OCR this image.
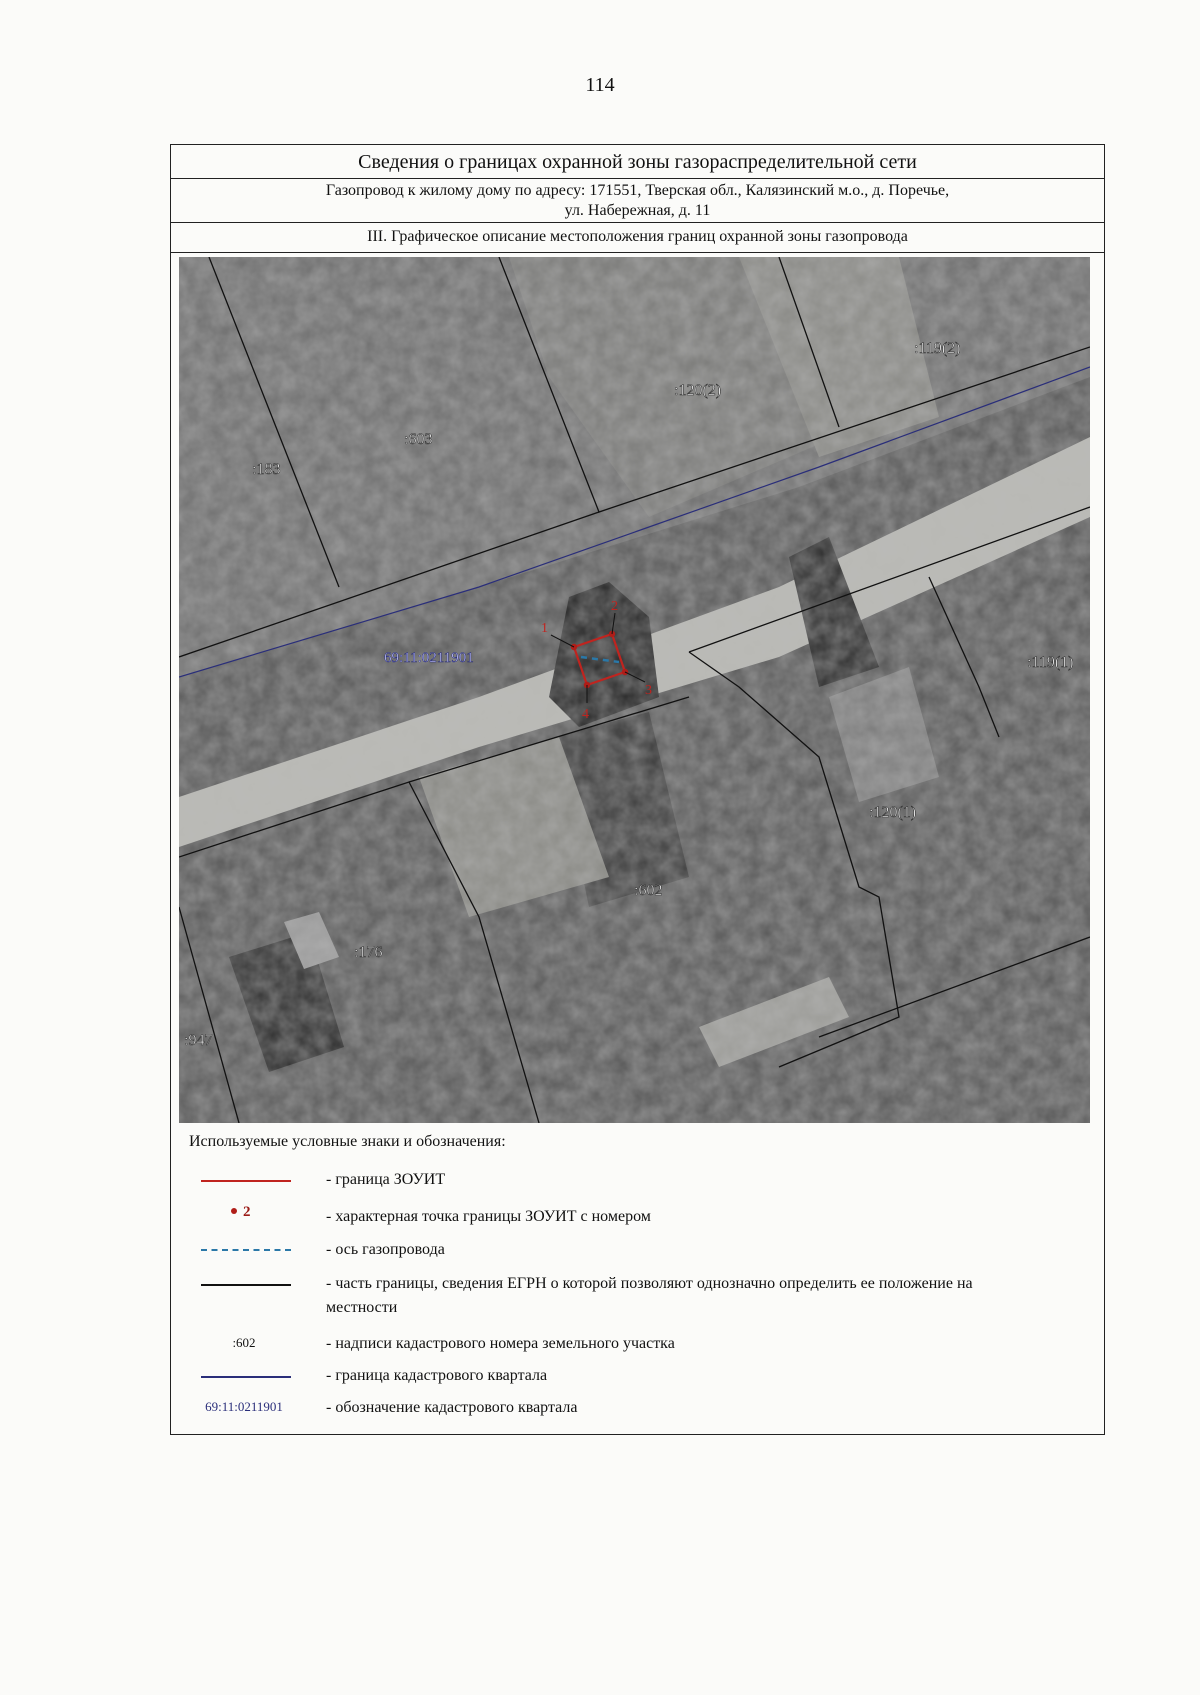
114
Сведения о границах охранной зоны газораспределительной сети
Газопровод к жилому дому по адресу: 171551, Тверская обл., Калязинский м.о., д. Поречье,
ул. Набережная, д. 11
III. Графическое описание местоположения границ охранной зоны газопровода
1
2
3
4
:119(2)
:120(2)
:603
:183
:119(1)
:120(1)
:602
:176
:947
69:11:0211901
Используемые условные знаки и обозначения:
- граница ЗОУИТ
2	- характерная точка границы ЗОУИТ с номером
- ось газопровода
- часть границы, сведения ЕГРН о которой позволяют однозначно определить ее положение на местности
:602	- надписи кадастрового номера земельного участка
- граница кадастрового квартала
69:11:0211901	- обозначение кадастрового квартала
